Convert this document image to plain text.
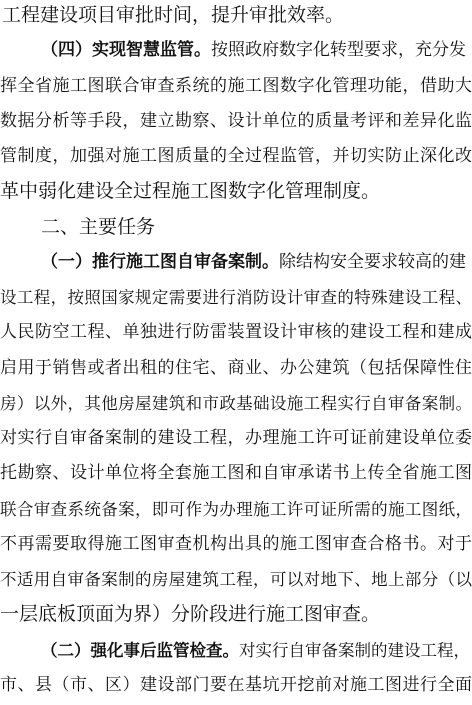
工程建设项目审批时间，提升审批效率。
（四）实现智慧监管。按照政府数字化转型要求，充分发
挥全省施工图联合审查系统的施工图数字化管理功能，借助大
数据分析等手段，建立勘察、设计单位的质量考评和差异化监
管制度，加强对施工图质量的全过程监管，并切实防止深化改
革中弱化建设全过程施工图数字化管理制度。
二、主要任务
（一）推行施工图自审备案制。除结构安全要求较高的建
设工程，按照国家规定需要进行消防设计审查的特殊建设工程、
人民防空工程、单独进行防雷装置设计审核的建设工程和建成
启用于销售或者出租的住宅、商业、办公建筑（包括保障性住
房）以外，其他房屋建筑和市政基础设施工程实行自审备案制。
对实行自审备案制的建设工程，办理施工许可证前建设单位委
托勘察、设计单位将全套施工图和自审承诺书上传全省施工图
联合审查系统备案，即可作为办理施工许可证所需的施工图纸，
不再需要取得施工图审查机构出具的施工图审查合格书。对于
不适用自审备案制的房屋建筑工程，可以对地下、地上部分（以
一层底板顶面为界）分阶段进行施工图审查。
（二）强化事后监管检查。对实行自审备案制的建设工程，
市、县（市、区）建设部门要在基坑开挖前对施工图进行全面
